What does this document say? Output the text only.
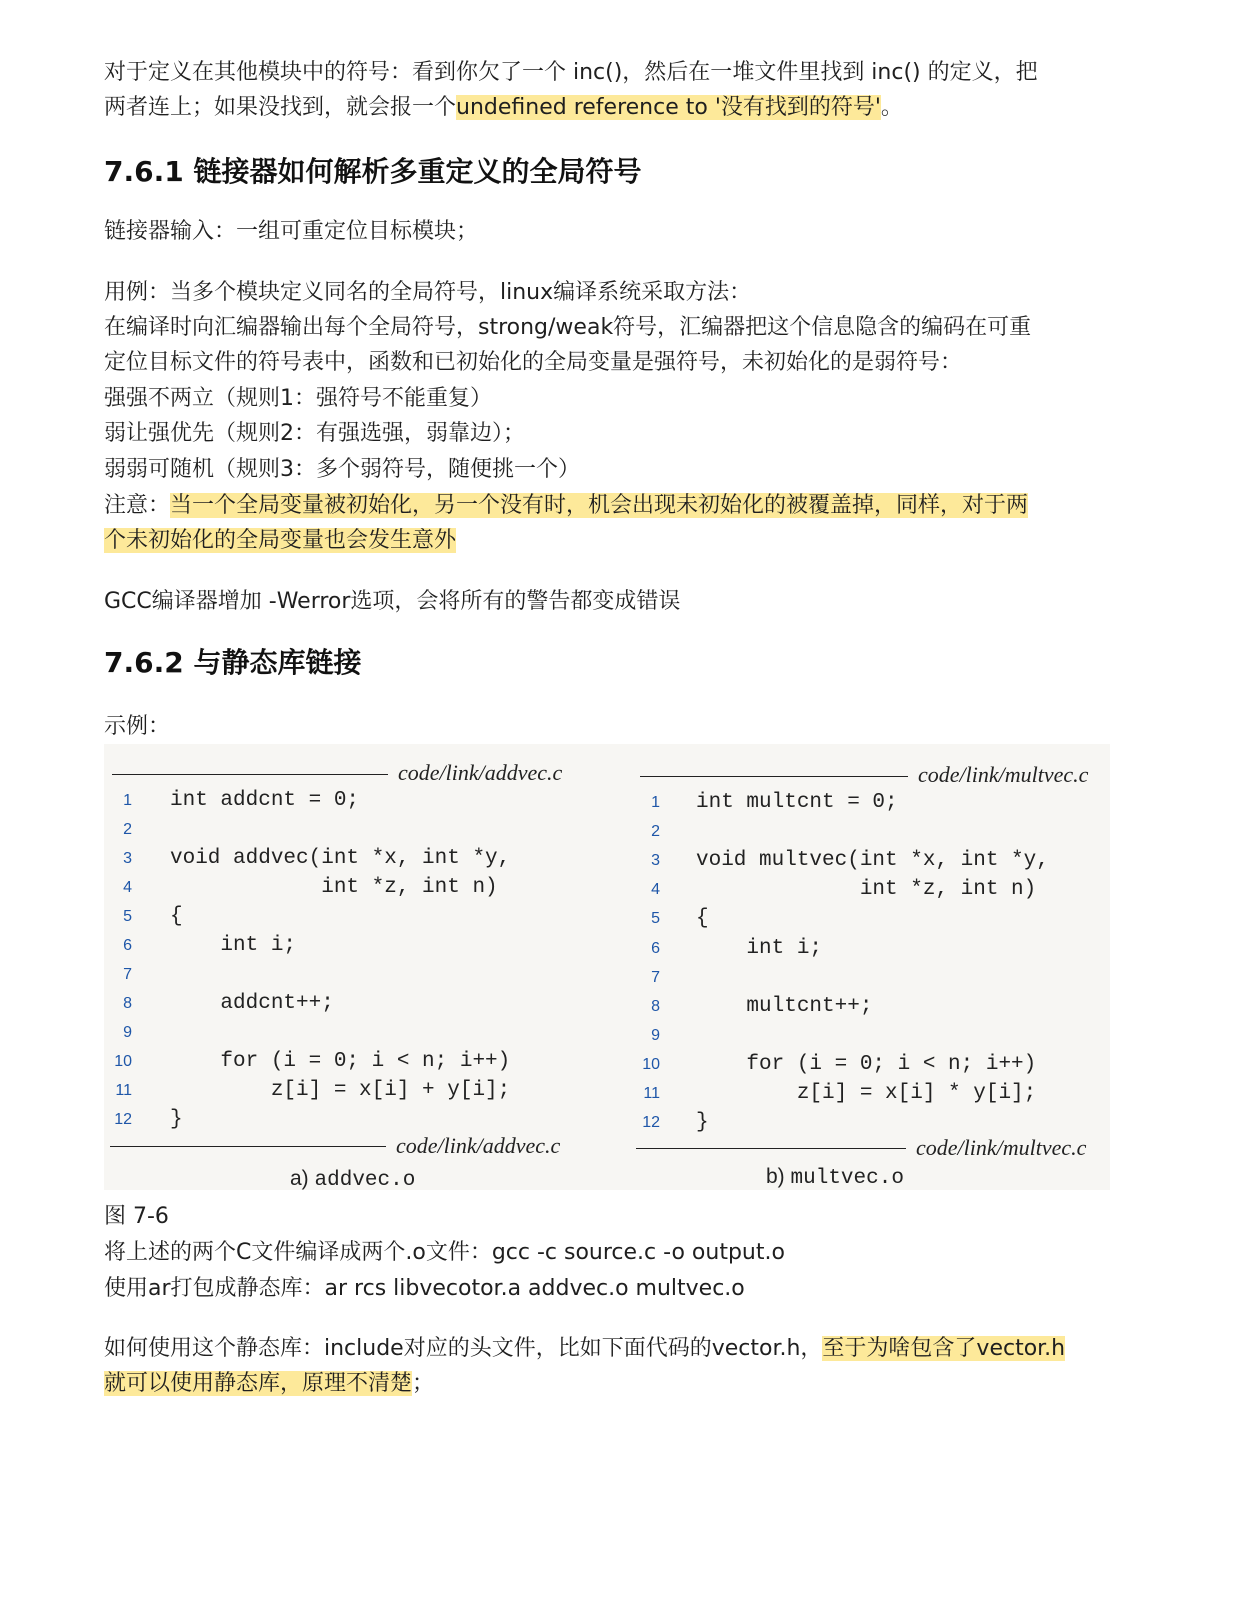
对于定义在其他模块中的符号：看到你欠了一个 inc()，然后在一堆文件里找到 inc() 的定义，把
两者连上；如果没找到，就会报一个undefined reference to '没有找到的符号'。
7.6.1 链接器如何解析多重定义的全局符号
链接器输入：一组可重定位目标模块；
用例：当多个模块定义同名的全局符号，linux编译系统采取方法：
在编译时向汇编器输出每个全局符号，strong/weak符号，汇编器把这个信息隐含的编码在可重
定位目标文件的符号表中，函数和已初始化的全局变量是强符号，未初始化的是弱符号：
强强不两立（规则1：强符号不能重复）
弱让强优先（规则2：有强选强，弱靠边）；
弱弱可随机（规则3：多个弱符号，随便挑一个）
注意：当一个全局变量被初始化，另一个没有时，机会出现未初始化的被覆盖掉，同样，对于两
个未初始化的全局变量也会发生意外
GCC编译器增加 -Werror选项，会将所有的警告都变成错误
7.6.2 与静态库链接
示例：
code/link/addvec.c
1 int addcnt = 0;
2
3 void addvec(int *x, int *y,
4 int *z, int n)
5 {
6 int i;
7
8 addcnt++;
9
10 for (i = 0; i < n; i++)
11 z[i] = x[i] + y[i];
12 }
code/link/addvec.c
a) addvec.o
code/link/multvec.c
1 int multcnt = 0;
2
3 void multvec(int *x, int *y,
4 int *z, int n)
5 {
6 int i;
7
8 multcnt++;
9
10 for (i = 0; i < n; i++)
11 z[i] = x[i] * y[i];
12 }
code/link/multvec.c
b) multvec.o
图 7-6
将上述的两个C文件编译成两个.o文件：gcc -c source.c -o output.o
使用ar打包成静态库：ar rcs libvecotor.a addvec.o multvec.o
如何使用这个静态库：include对应的头文件，比如下面代码的vector.h，至于为啥包含了vector.h
就可以使用静态库，原理不清楚；
